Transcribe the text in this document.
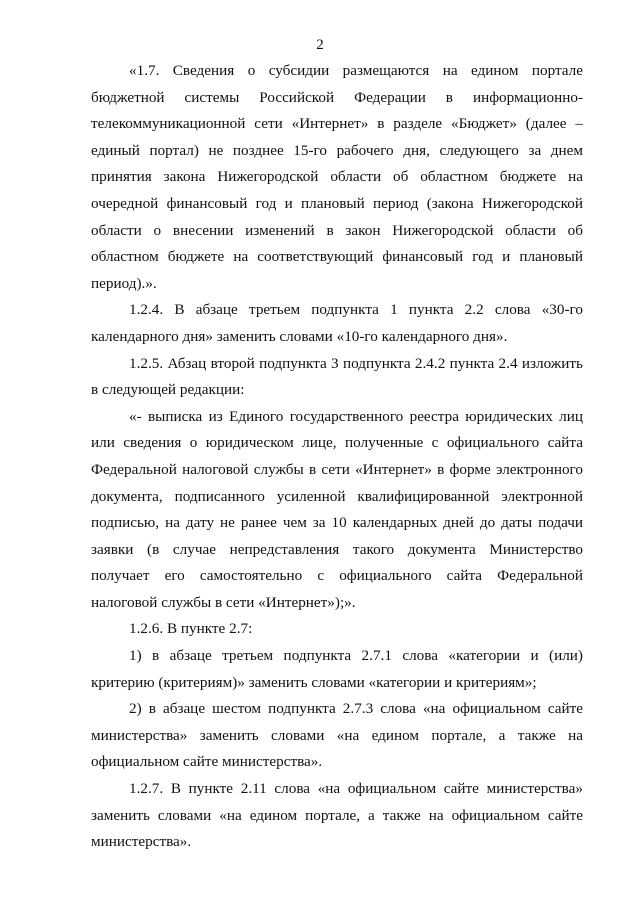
2

«1.7. Сведения о субсидии размещаются на едином портале бюджетной системы Российской Федерации в информационно-телекоммуникационной сети «Интернет» в разделе «Бюджет» (далее – единый портал) не позднее 15-го рабочего дня, следующего за днем принятия закона Нижегородской области об областном бюджете на очередной финансовый год и плановый период (закона Нижегородской области о внесении изменений в закон Нижегородской области об областном бюджете на соответствующий финансовый год и плановый период).».

1.2.4. В абзаце третьем подпункта 1 пункта 2.2 слова «30-го календарного дня» заменить словами «10-го календарного дня».

1.2.5. Абзац второй подпункта 3 подпункта 2.4.2 пункта 2.4 изложить в следующей редакции:

«- выписка из Единого государственного реестра юридических лиц или сведения о юридическом лице, полученные с официального сайта Федеральной налоговой службы в сети «Интернет» в форме электронного документа, подписанного усиленной квалифицированной электронной подписью, на дату не ранее чем за 10 календарных дней до даты подачи заявки (в случае непредставления такого документа Министерство получает его самостоятельно с официального сайта Федеральной налоговой службы в сети «Интернет»);».

1.2.6. В пункте 2.7:

1) в абзаце третьем подпункта 2.7.1 слова «категории и (или) критерию (критериям)» заменить словами «категории и критериям»;

2) в абзаце шестом подпункта 2.7.3 слова «на официальном сайте министерства» заменить словами «на едином портале, а также на официальном сайте министерства».

1.2.7. В пункте 2.11 слова «на официальном сайте министерства» заменить словами «на едином портале, а также на официальном сайте министерства».
